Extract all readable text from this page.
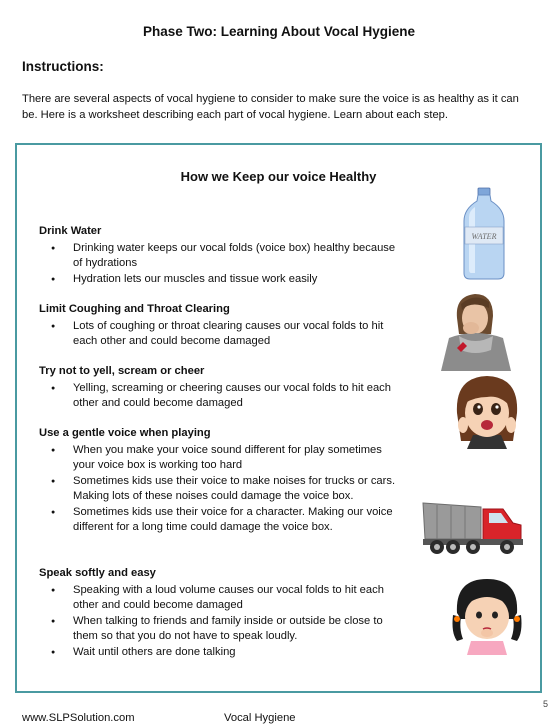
Phase Two: Learning About Vocal Hygiene
Instructions:
There are several aspects of vocal hygiene to consider to make sure the voice is as healthy as it can be. Here is a worksheet describing each part of vocal hygiene. Learn about each step.
How we Keep our voice Healthy
Drink Water
● Drinking water keeps our vocal folds (voice box) healthy because of hydrations
● Hydration lets our muscles and tissue work easily
Limit Coughing and Throat Clearing
● Lots of coughing or throat clearing causes our vocal folds to hit each other and could become damaged
Try not to yell, scream or cheer
● Yelling, screaming or cheering causes our vocal folds to hit each other and could become damaged
Use a gentle voice when playing
● When you make your voice sound different for play sometimes your voice box is working too hard
● Sometimes kids use their voice to make noises for trucks or cars. Making lots of these noises could damage the voice box.
● Sometimes kids use their voice for a character. Making our voice different for a long time could damage the voice box.
Speak softly and easy
● Speaking with a loud volume causes our vocal folds to hit each other and could become damaged
● When talking to friends and family inside or outside be close to them so that you do not have to speak loudly.
● Wait until others are done talking
WATER
www.SLPSolution.com	Vocal Hygiene
5
